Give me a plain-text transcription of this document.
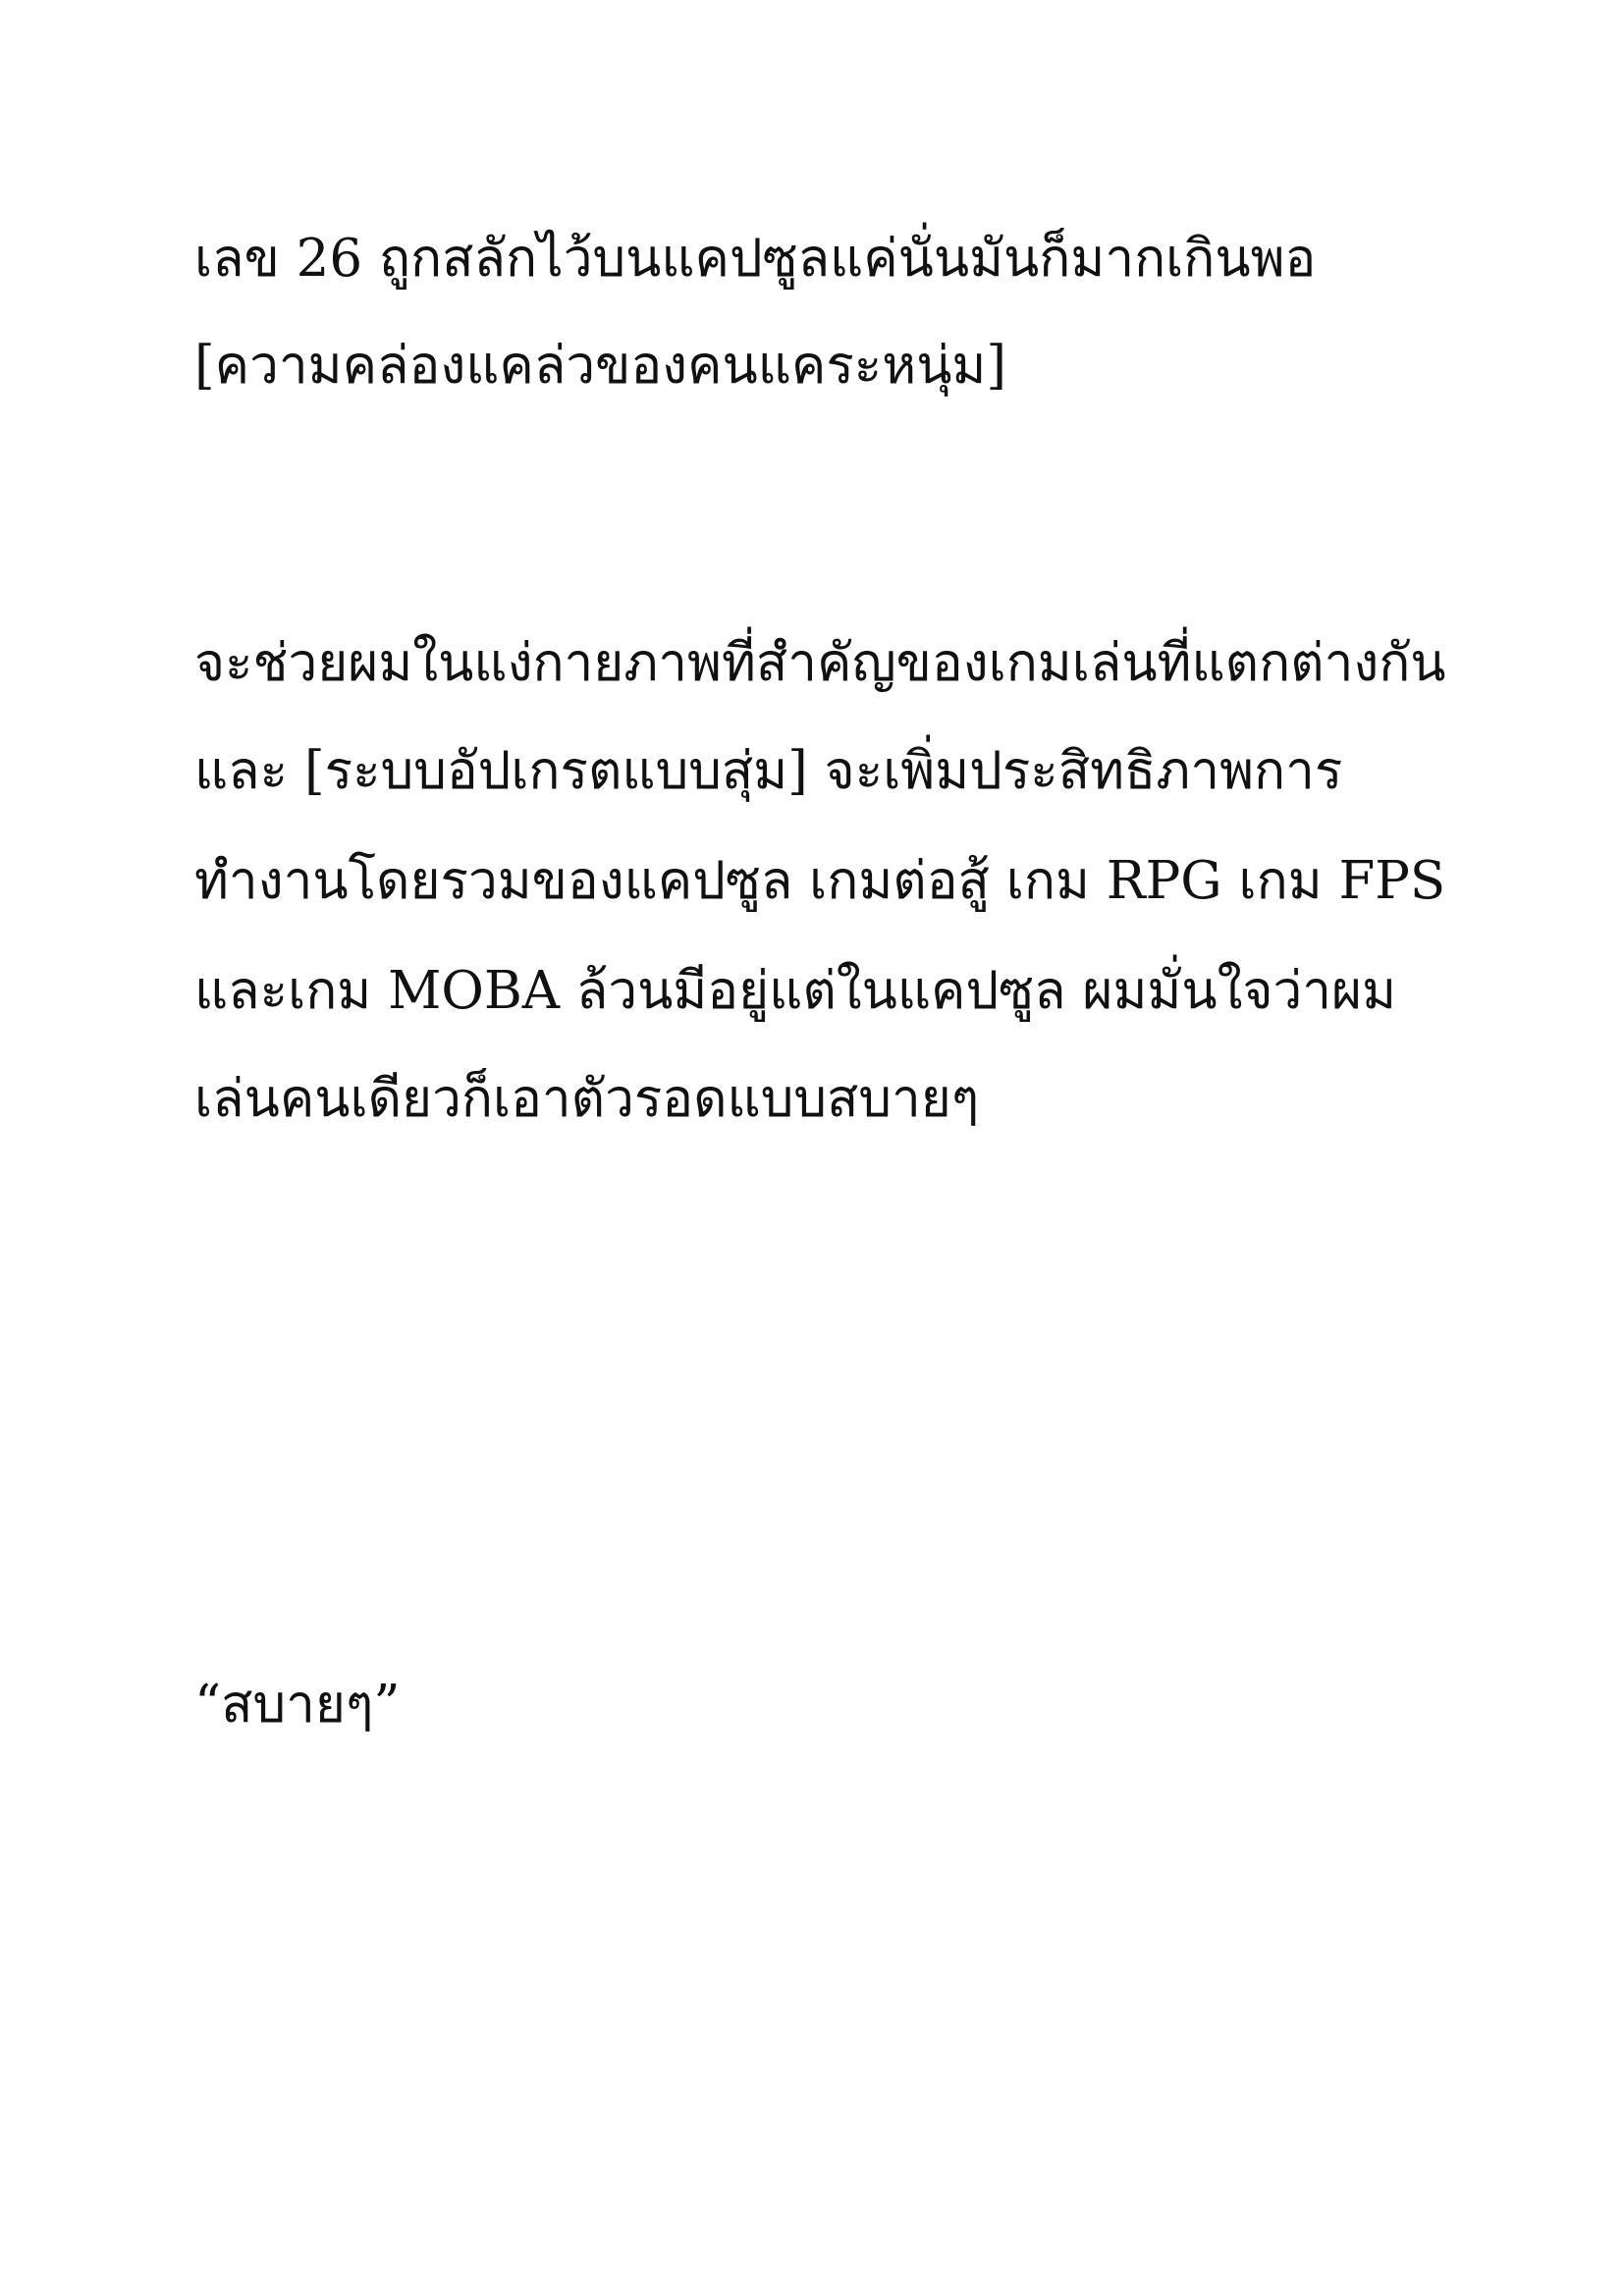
เลข 26 ถูกสลักไว้บนแคปซูลแค่นั่นมันก็มากเกินพอ

[ความคล่องแคล่วของคนแคระหนุ่ม]

จะช่วยผมในแง่กายภาพที่สำคัญของเกมเล่นที่แตกต่างกัน

และ [ระบบอัปเกรตแบบสุ่ม] จะเพิ่มประสิทธิภาพการ

ทำงานโดยรวมของแคปซูล เกมต่อสู้ เกม RPG เกม FPS

และเกม MOBA ล้วนมีอยู่แต่ในแคปซูล ผมมั่นใจว่าผม

เล่นคนเดียวก็เอาตัวรอดแบบสบายๆ

“สบายๆ”
